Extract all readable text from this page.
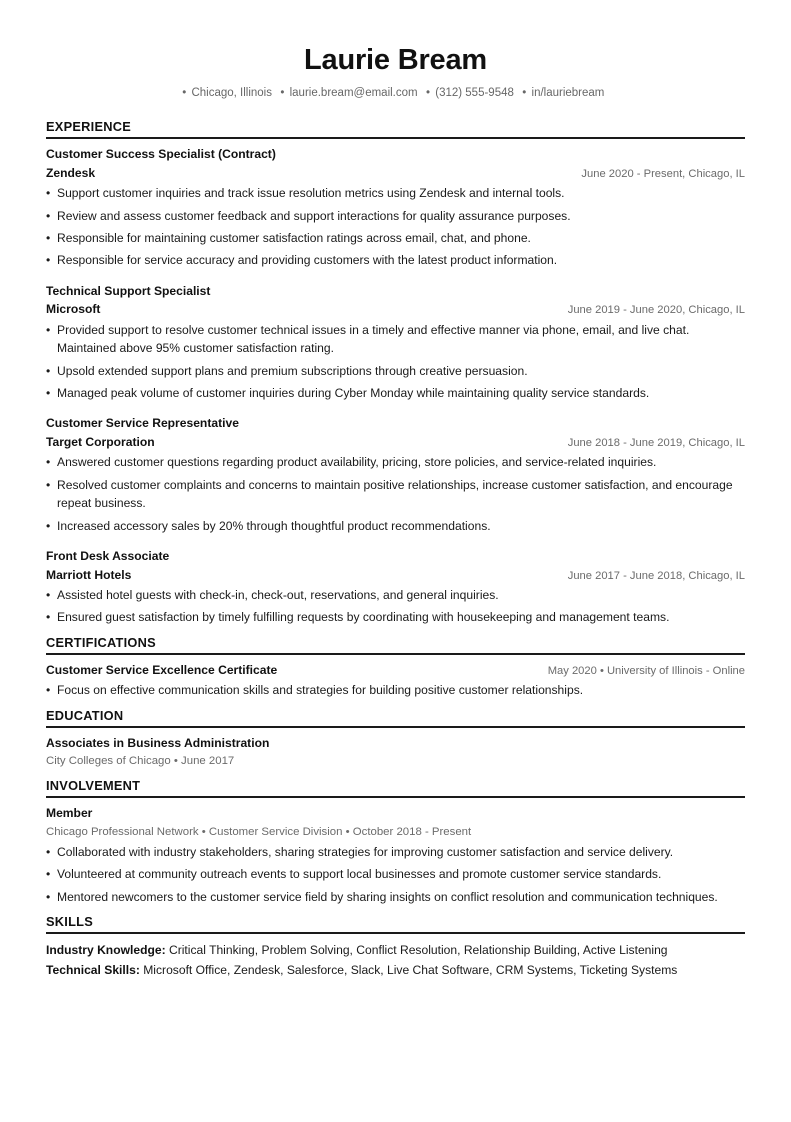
Laurie Bream
• Chicago, Illinois  • laurie.bream@email.com  • (312) 555-9548  • in/lauriebream
EXPERIENCE
Customer Success Specialist (Contract)
Zendesk	June 2020 - Present, Chicago, IL
• Support customer inquiries and track issue resolution metrics using Zendesk and internal tools.
• Review and assess customer feedback and support interactions for quality assurance purposes.
• Responsible for maintaining customer satisfaction ratings across email, chat, and phone.
• Responsible for service accuracy and providing customers with the latest product information.
Technical Support Specialist
Microsoft	June 2019 - June 2020, Chicago, IL
• Provided support to resolve customer technical issues in a timely and effective manner via phone, email, and live chat. Maintained above 95% customer satisfaction rating.
• Upsold extended support plans and premium subscriptions through creative persuasion.
• Managed peak volume of customer inquiries during Cyber Monday while maintaining quality service standards.
Customer Service Representative
Target Corporation	June 2018 - June 2019, Chicago, IL
• Answered customer questions regarding product availability, pricing, store policies, and service-related inquiries.
• Resolved customer complaints and concerns to maintain positive relationships, increase customer satisfaction, and encourage repeat business.
• Increased accessory sales by 20% through thoughtful product recommendations.
Front Desk Associate
Marriott Hotels	June 2017 - June 2018, Chicago, IL
• Assisted hotel guests with check-in, check-out, reservations, and general inquiries.
• Ensured guest satisfaction by timely fulfilling requests by coordinating with housekeeping and management teams.
CERTIFICATIONS
Customer Service Excellence Certificate	May 2020 • University of Illinois - Online
• Focus on effective communication skills and strategies for building positive customer relationships.
EDUCATION
Associates in Business Administration
City Colleges of Chicago • June 2017
INVOLVEMENT
Member
Chicago Professional Network • Customer Service Division • October 2018 - Present
• Collaborated with industry stakeholders, sharing strategies for improving customer satisfaction and service delivery.
• Volunteered at community outreach events to support local businesses and promote customer service standards.
• Mentored newcomers to the customer service field by sharing insights on conflict resolution and communication techniques.
SKILLS
Industry Knowledge: Critical Thinking, Problem Solving, Conflict Resolution, Relationship Building, Active Listening
Technical Skills: Microsoft Office, Zendesk, Salesforce, Slack, Live Chat Software, CRM Systems, Ticketing Systems
